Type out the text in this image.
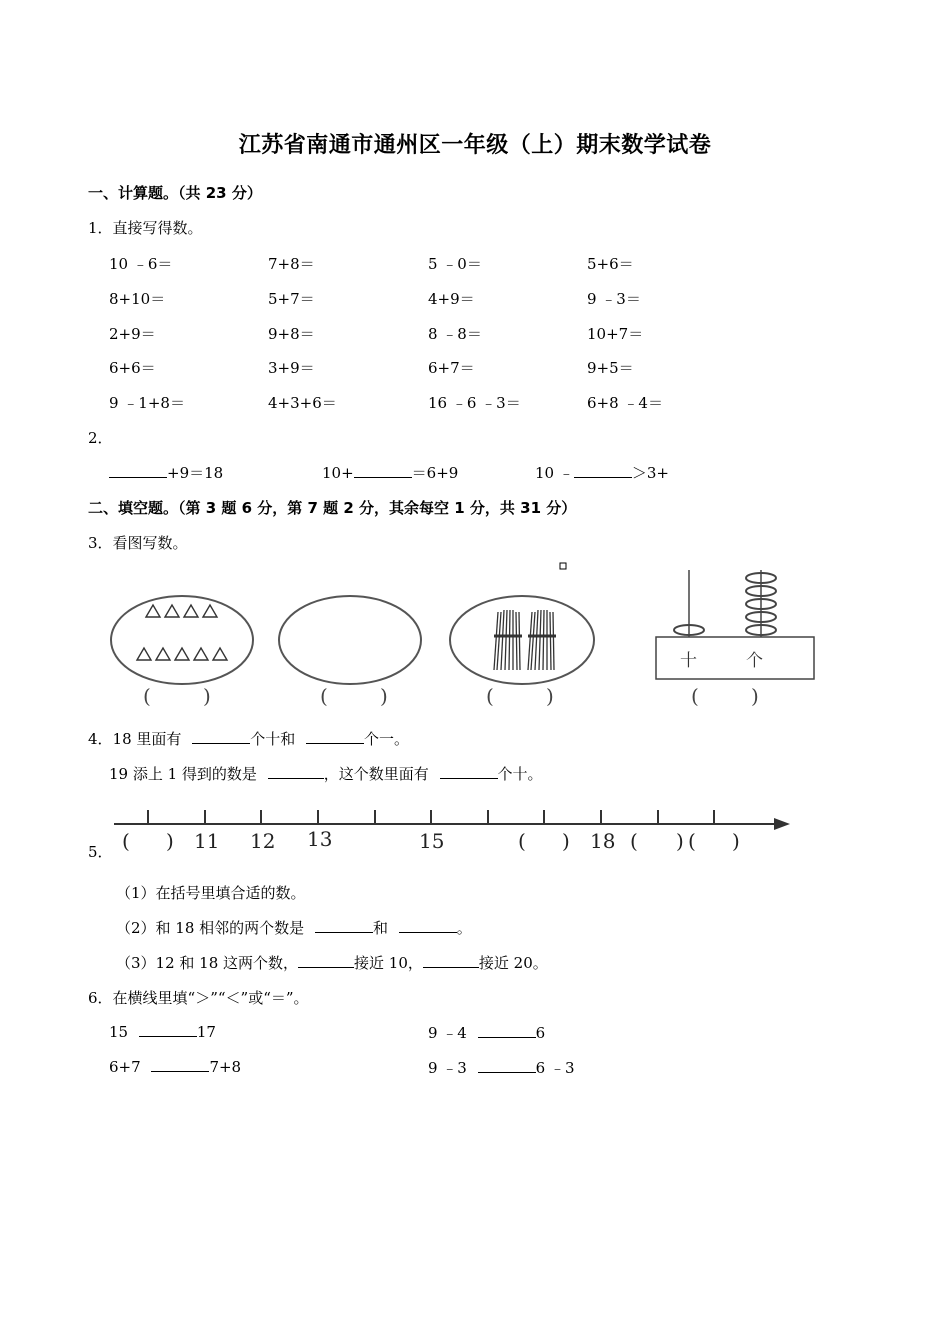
江苏省南通市通州区一年级（上）期末数学试卷
一、计算题。（共 23 分）
1．直接写得数。
10 ﹣6＝	7+8＝	5 ﹣0＝	5+6＝
8+10＝	5+7＝	4+9＝	9 ﹣3＝
2+9＝	9+8＝	8 ﹣8＝	10+7＝
6+6＝	3+9＝	6+7＝	9+5＝
9 ﹣1+8＝	4+3+6＝	16 ﹣6 ﹣3＝	6+8 ﹣4＝
2．
+9＝18	10+	＝6+9	10 ﹣	＞3+
二、填空题。（第 3 题 6 分，第 7 题 2 分，其余每空 1 分，共 31 分）
3．看图写数。
十	个
(	)	(	)	(	)	(	)
4．18 里面有	个十和	个一。
19 添上 1 得到的数是	，这个数里面有	个十。
5． ( ) 11 12 13	15	( ) 18 ( ) ( )
（1）在括号里填合适的数。
（2）和 18 相邻的两个数是	和	。
（3）12 和 18 这两个数，	接近 10，	接近 20。
6．在横线里填“＞”“＜”或“＝”。
15	17	9 ﹣4	6
6+7	7+8	9 ﹣3	6 ﹣3
